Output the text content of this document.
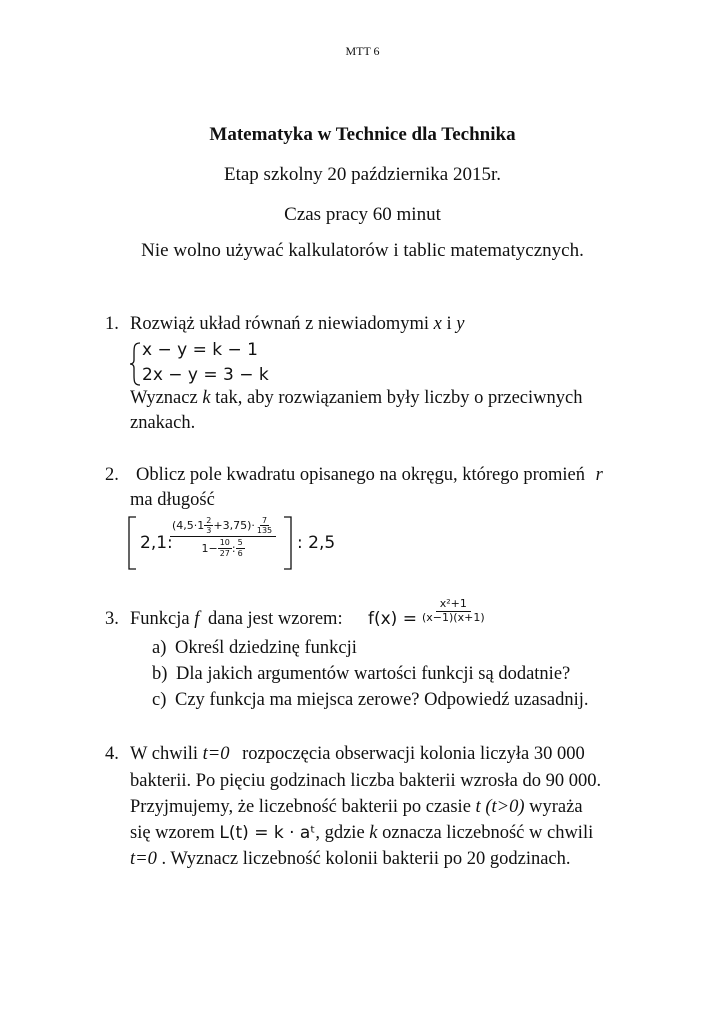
MTT 6
Matematyka w Technice dla Technika
Etap szkolny 20 października 2015r.
Czas pracy 60 minut
Nie wolno używać kalkulatorów i tablic matematycznych.
1. Rozwiąż układ równań z niewiadomymi x i y
x − y = k − 1
2x − y = 3 − k
Wyznacz k tak, aby rozwiązaniem były liczby o przeciwnych
znakach.
2. Oblicz pole kwadratu opisanego na okręgu, którego promień r
ma długość
2,1:
$(4,5\cdot 1 \frac{2}{3} +3,75)\cdot \frac{7}{135}$
$1- \frac{10}{27}$ : $\frac{5}{6}$	: 2,5
3. Funkcja f dana jest wzorem: $f(x) = \frac{\text{x²+1}}{(x-1)(x+1)}$
a) Określ dziedzinę funkcji
b) Dla jakich argumentów wartości funkcji są dodatnie?
c) Czy funkcja ma miejsca zerowe? Odpowiedź uzasadnij.
4. W chwili t=0 rozpoczęcia obserwacji kolonia liczyła 30 000
bakterii. Po pięciu godzinach liczba bakterii wzrosła do 90 000.
Przyjmujemy, że liczebność bakterii po czasie t (t>0) wyraża
się wzorem L(t) = k · aᵗ, gdzie k oznacza liczebność w chwili
t=0 . Wyznacz liczebność kolonii bakterii po 20 godzinach.
